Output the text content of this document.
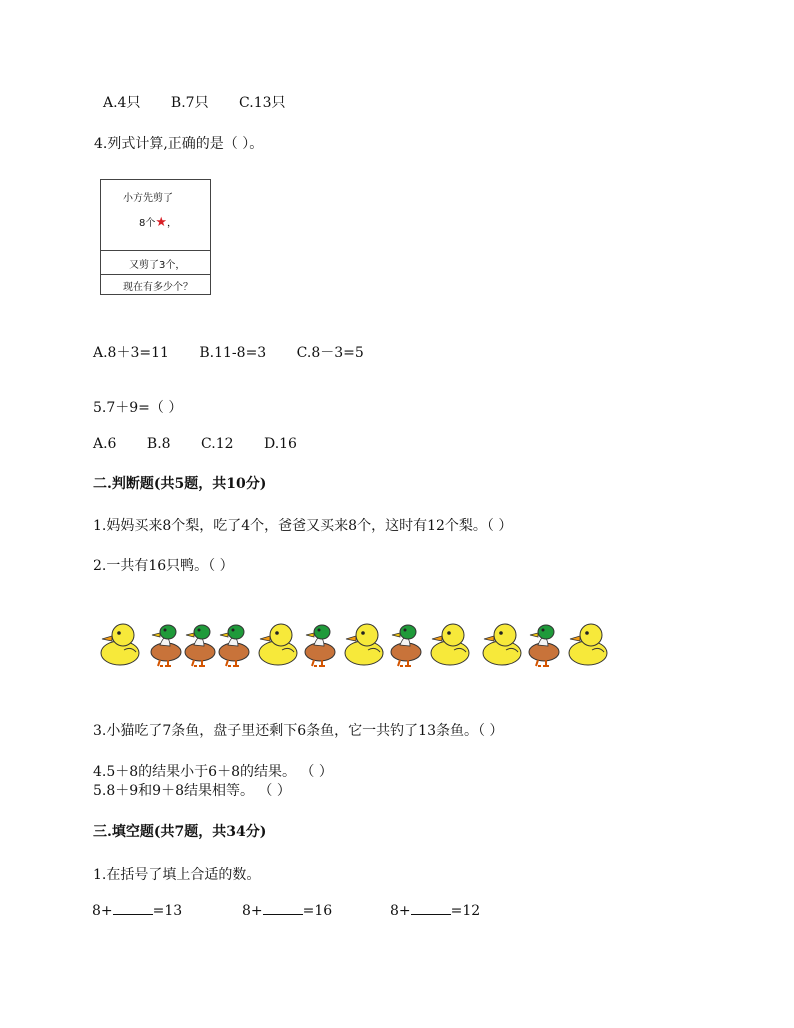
A.4只 B.7只 C.13只
4.列式计算,正确的是（ ）。
小方先剪了
8个★，
又剪了3个，
现在有多少个？
A.8＋3=11 B.11-8=3 C.8－3=5
5.7＋9=（ ）
A.6 B.8 C.12 D.16
二.判断题(共5题，共10分)
1.妈妈买来8个梨，吃了4个，爸爸又买来8个，这时有12个梨。（ ）
2.一共有16只鸭。（ ）
3.小猫吃了7条鱼，盘子里还剩下6条鱼，它一共钓了13条鱼。（ ）
4.5＋8的结果小于6＋8的结果。 （ ）
5.8＋9和9＋8结果相等。 （ ）
三.填空题(共7题，共34分)
1.在括号了填上合适的数。
8+	=13	8+	=16	8+	=12
